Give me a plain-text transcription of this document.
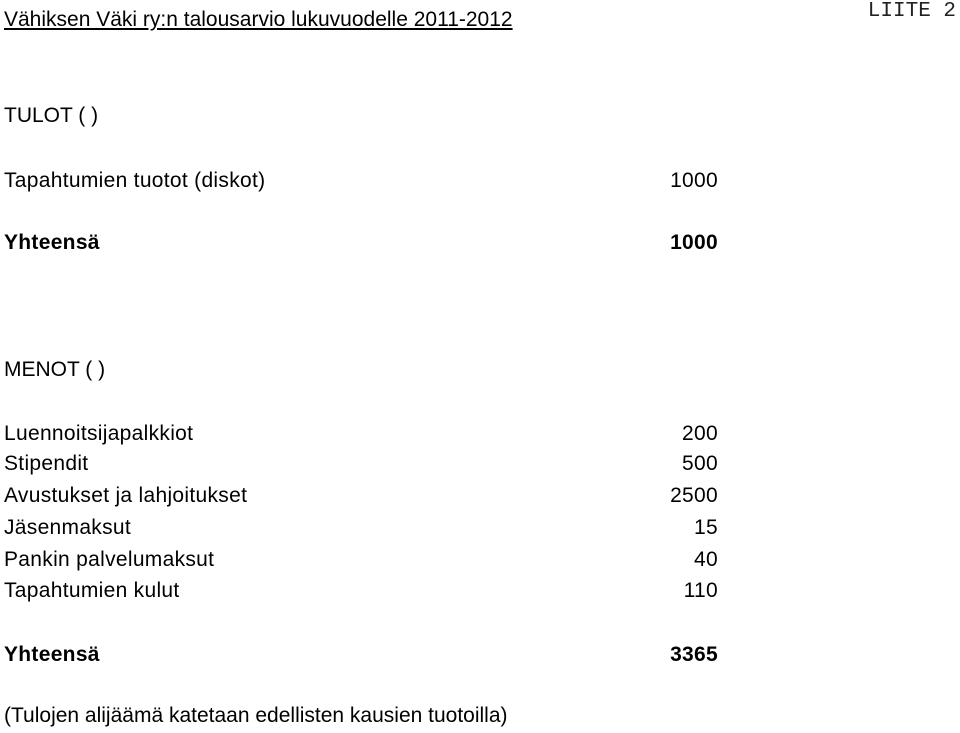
Vähiksen Väki ry:n talousarvio lukuvuodelle 2011-2012	LIITE 2
TULOT ( )
Tapahtumien tuotot (diskot)	1000
Yhteensä	1000
MENOT ( )
Luennoitsijapalkkiot	200
Stipendit	500
Avustukset ja lahjoitukset	2500
Jäsenmaksut	15
Pankin palvelumaksut	40
Tapahtumien kulut	110
Yhteensä	3365
(Tulojen alijäämä katetaan edellisten kausien tuotoilla)
